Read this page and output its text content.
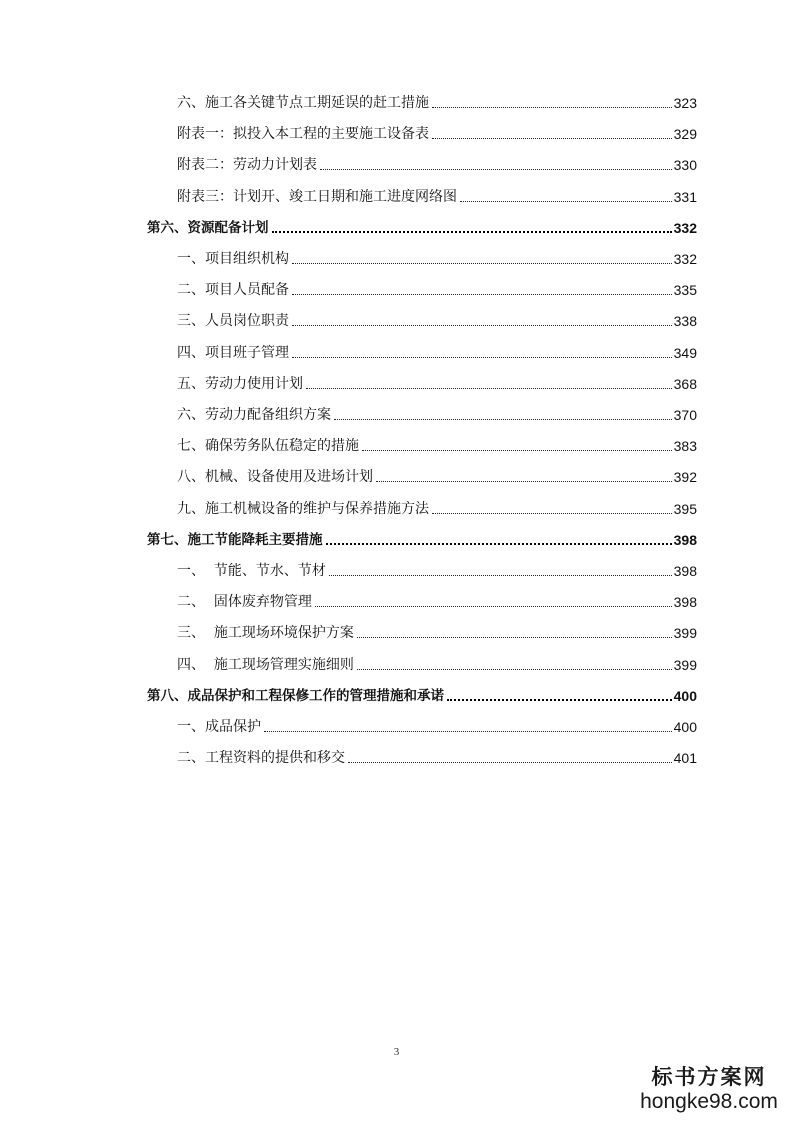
六、施工各关键节点工期延误的赶工措施	323
附表一：拟投入本工程的主要施工设备表	329
附表二：劳动力计划表	330
附表三：计划开、竣工日期和施工进度网络图	331
第六、资源配备计划	332
一、项目组织机构	332
二、项目人员配备	335
三、人员岗位职责	338
四、项目班子管理	349
五、劳动力使用计划	368
六、劳动力配备组织方案	370
七、确保劳务队伍稳定的措施	383
八、机械、设备使用及进场计划	392
九、施工机械设备的维护与保养措施方法	395
第七、施工节能降耗主要措施	398
一、  节能、节水、节材	398
二、  固体废弃物管理	398
三、  施工现场环境保护方案	399
四、  施工现场管理实施细则	399
第八、成品保护和工程保修工作的管理措施和承诺	400
一、成品保护	400
二、工程资料的提供和移交	401
3
标书方案网
hongke98.com
